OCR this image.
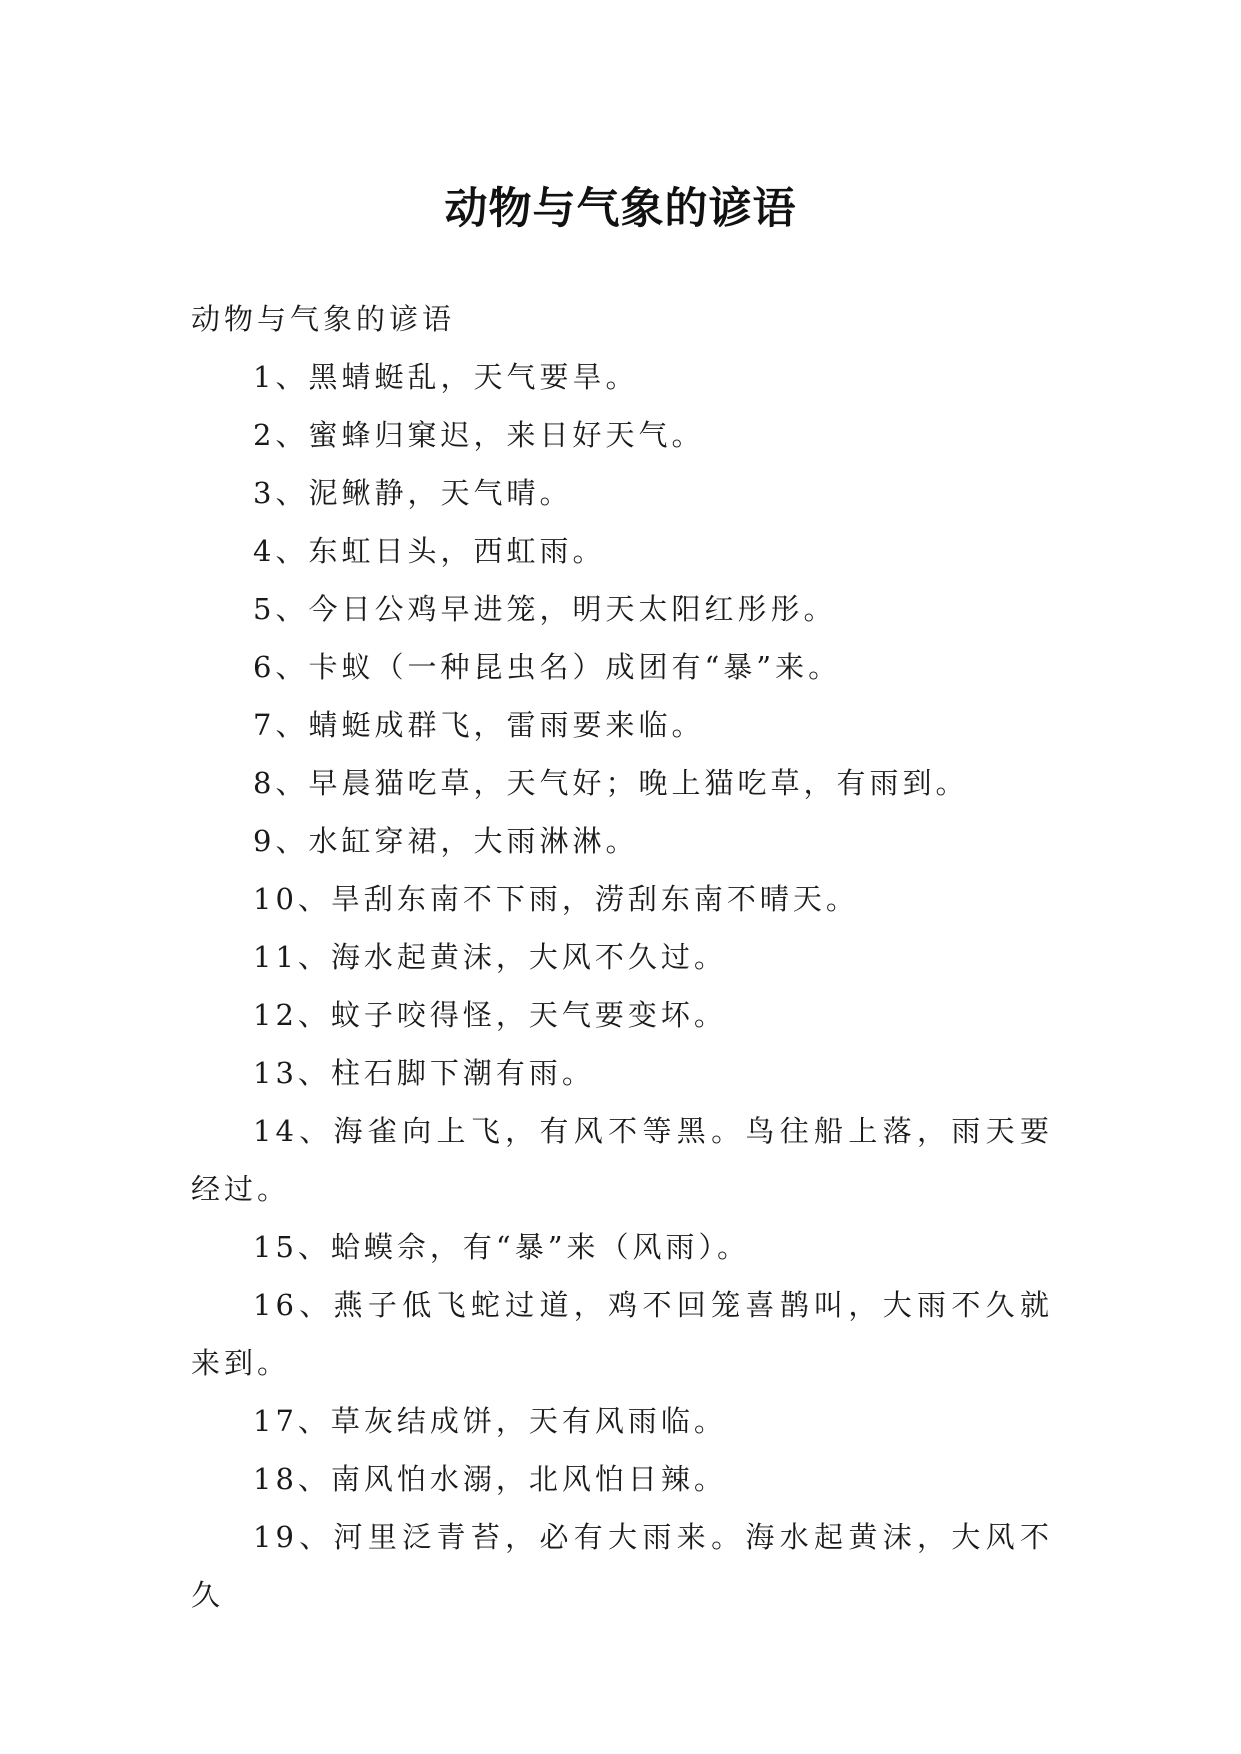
动物与气象的谚语

动物与气象的谚语

1、黑蜻蜓乱，天气要旱。
2、蜜蜂归窠迟，来日好天气。
3、泥鳅静，天气晴。
4、东虹日头，西虹雨。
5、今日公鸡早进笼，明天太阳红彤彤。
6、卡蚁（一种昆虫名）成团有“暴”来。
7、蜻蜓成群飞，雷雨要来临。
8、早晨猫吃草，天气好；晚上猫吃草，有雨到。
9、水缸穿裙，大雨淋淋。
10、旱刮东南不下雨，涝刮东南不晴天。
11、海水起黄沫，大风不久过。
12、蚊子咬得怪，天气要变坏。
13、柱石脚下潮有雨。
14、海雀向上飞，有风不等黑。鸟往船上落，雨天要经过。
15、蛤蟆佘，有“暴”来（风雨）。
16、燕子低飞蛇过道，鸡不回笼喜鹊叫，大雨不久就来到。
17、草灰结成饼，天有风雨临。
18、南风怕水溺，北风怕日辣。
19、河里泛青苔，必有大雨来。海水起黄沫，大风不久
